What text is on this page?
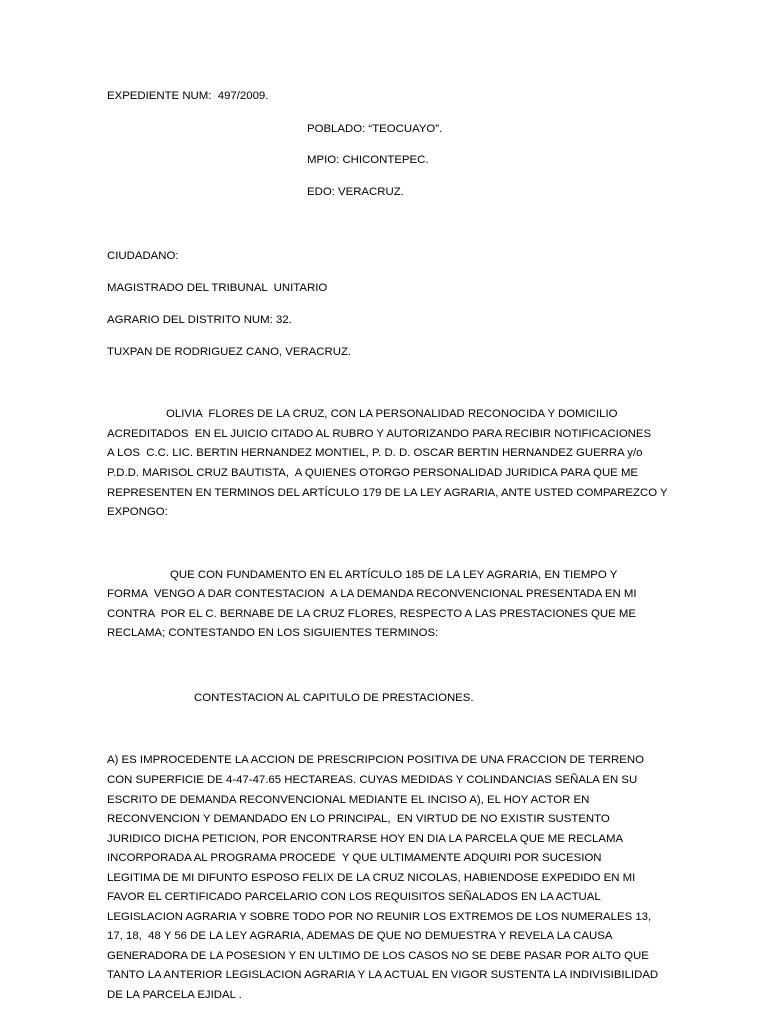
EXPEDIENTE NUM:  497/2009.

POBLADO: “TEOCUAYO”.

MPIO: CHICONTEPEC.

EDO: VERACRUZ.

CIUDADANO:

MAGISTRADO DEL TRIBUNAL  UNITARIO

AGRARIO DEL DISTRITO NUM: 32.

TUXPAN DE RODRIGUEZ CANO, VERACRUZ.

OLIVIA  FLORES DE LA CRUZ, CON LA PERSONALIDAD RECONOCIDA Y DOMICILIO

ACREDITADOS  EN EL JUICIO CITADO AL RUBRO Y AUTORIZANDO PARA RECIBIR NOTIFICACIONES

A LOS  C.C. LIC. BERTIN HERNANDEZ MONTIEL, P. D. D. OSCAR BERTIN HERNANDEZ GUERRA y/o

P.D.D. MARISOL CRUZ BAUTISTA,  A QUIENES OTORGO PERSONALIDAD JURIDICA PARA QUE ME

REPRESENTEN EN TERMINOS DEL ARTÍCULO 179 DE LA LEY AGRARIA, ANTE USTED COMPAREZCO Y

EXPONGO:

QUE CON FUNDAMENTO EN EL ARTÍCULO 185 DE LA LEY AGRARIA, EN TIEMPO Y

FORMA  VENGO A DAR CONTESTACION  A LA DEMANDA RECONVENCIONAL PRESENTADA EN MI

CONTRA  POR EL C. BERNABE DE LA CRUZ FLORES, RESPECTO A LAS PRESTACIONES QUE ME

RECLAMA; CONTESTANDO EN LOS SIGUIENTES TERMINOS:

CONTESTACION AL CAPITULO DE PRESTACIONES.

A) ES IMPROCEDENTE LA ACCION DE PRESCRIPCION POSITIVA DE UNA FRACCION DE TERRENO

CON SUPERFICIE DE 4-47-47.65 HECTAREAS. CUYAS MEDIDAS Y COLINDANCIAS SEÑALA EN SU

ESCRITO DE DEMANDA RECONVENCIONAL MEDIANTE EL INCISO A), EL HOY ACTOR EN

RECONVENCION Y DEMANDADO EN LO PRINCIPAL,  EN VIRTUD DE NO EXISTIR SUSTENTO

JURIDICO DICHA PETICION, POR ENCONTRARSE HOY EN DIA LA PARCELA QUE ME RECLAMA

INCORPORADA AL PROGRAMA PROCEDE  Y QUE ULTIMAMENTE ADQUIRI POR SUCESION

LEGITIMA DE MI DIFUNTO ESPOSO FELIX DE LA CRUZ NICOLAS, HABIENDOSE EXPEDIDO EN MI

FAVOR EL CERTIFICADO PARCELARIO CON LOS REQUISITOS SEÑALADOS EN LA ACTUAL

LEGISLACION AGRARIA Y SOBRE TODO POR NO REUNIR LOS EXTREMOS DE LOS NUMERALES 13,

17, 18,  48 Y 56 DE LA LEY AGRARIA, ADEMAS DE QUE NO DEMUESTRA Y REVELA LA CAUSA

GENERADORA DE LA POSESION Y EN ULTIMO DE LOS CASOS NO SE DEBE PASAR POR ALTO QUE

TANTO LA ANTERIOR LEGISLACION AGRARIA Y LA ACTUAL EN VIGOR SUSTENTA LA INDIVISIBILIDAD

DE LA PARCELA EJIDAL .
